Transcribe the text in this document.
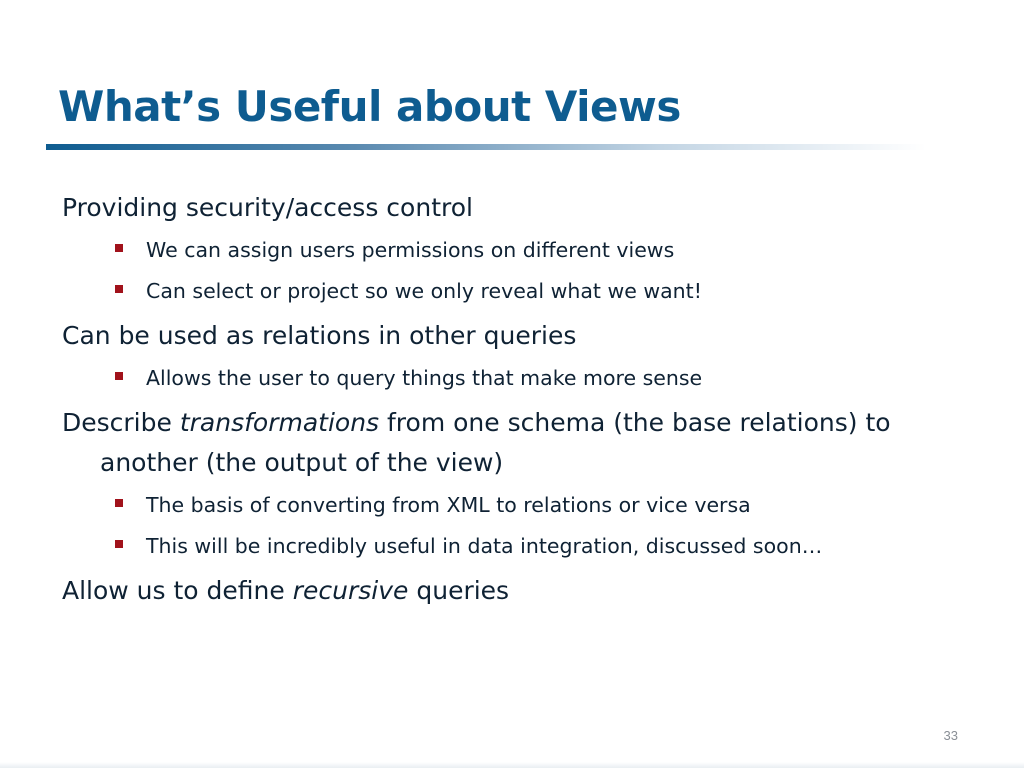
What’s Useful about Views

Providing security/access control

We can assign users permissions on different views
Can select or project so we only reveal what we want!

Can be used as relations in other queries

Allows the user to query things that make more sense

Describe transformations from one schema (the base relations) to another (the output of the view)

The basis of converting from XML to relations or vice versa
This will be incredibly useful in data integration, discussed soon…

Allow us to define recursive queries

33
